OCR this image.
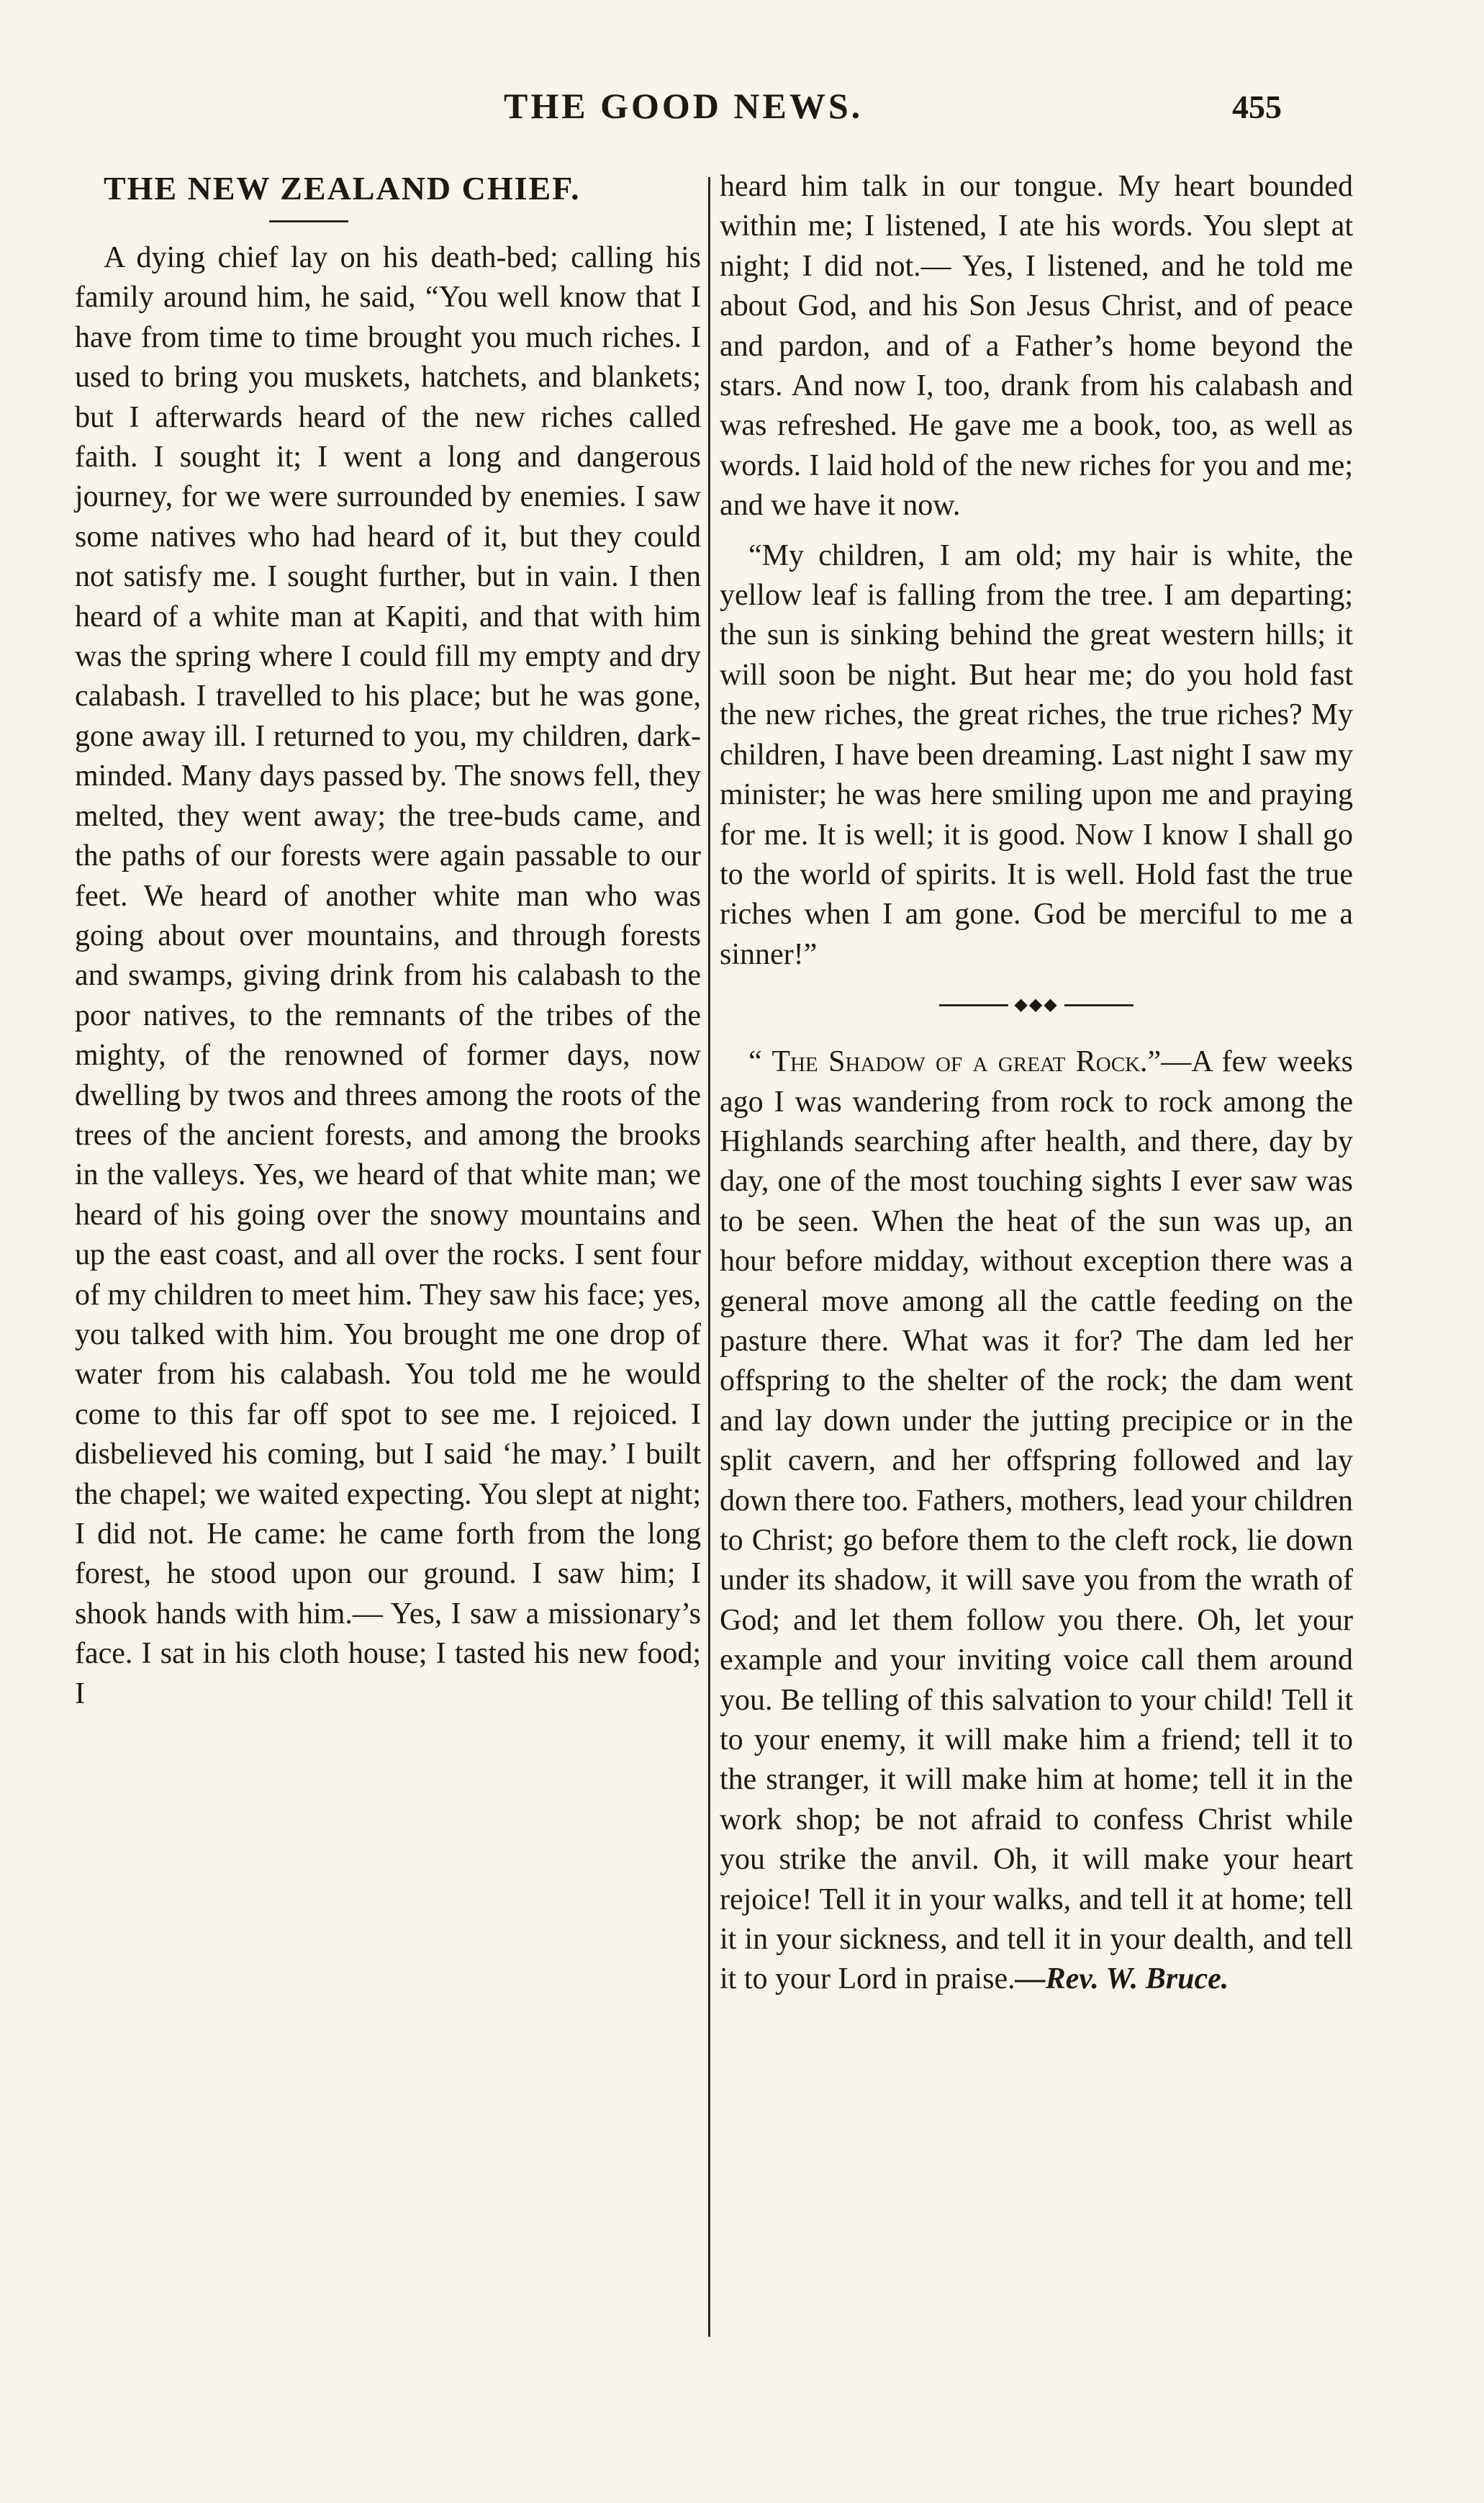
THE GOOD NEWS.	455
THE NEW ZEALAND CHIEF.

A dying chief lay on his death-bed; calling his family around him, he said, “You well know that I have from time to time brought you much riches. I used to bring you muskets, hatchets, and blankets; but I afterwards heard of the new riches called faith. I sought it; I went a long and dangerous journey, for we were surrounded by enemies. I saw some natives who had heard of it, but they could not satisfy me. I sought further, but in vain. I then heard of a white man at Kapiti, and that with him was the spring where I could fill my empty and dry calabash. I travelled to his place; but he was gone, gone away ill. I returned to you, my children, dark-minded. Many days passed by. The snows fell, they melted, they went away; the tree-buds came, and the paths of our forests were again passable to our feet. We heard of another white man who was going about over mountains, and through forests and swamps, giving drink from his calabash to the poor natives, to the remnants of the tribes of the mighty, of the renowned of former days, now dwelling by twos and threes among the roots of the trees of the ancient forests, and among the brooks in the valleys. Yes, we heard of that white man; we heard of his going over the snowy mountains and up the east coast, and all over the rocks. I sent four of my children to meet him. They saw his face; yes, you talked with him. You brought me one drop of water from his calabash. You told me he would come to this far off spot to see me. I rejoiced. I disbelieved his coming, but I said ‘he may.’ I built the chapel; we waited expecting. You slept at night; I did not. He came: he came forth from the long forest, he stood upon our ground. I saw him; I shook hands with him.— Yes, I saw a missionary’s face. I sat in his cloth house; I tasted his new food; I

heard him talk in our tongue. My heart bounded within me; I listened, I ate his words. You slept at night; I did not.— Yes, I listened, and he told me about God, and his Son Jesus Christ, and of peace and pardon, and of a Father’s home beyond the stars. And now I, too, drank from his calabash and was refreshed. He gave me a book, too, as well as words. I laid hold of the new riches for you and me; and we have it now.

“My children, I am old; my hair is white, the yellow leaf is falling from the tree. I am departing; the sun is sinking behind the great western hills; it will soon be night. But hear me; do you hold fast the new riches, the great riches, the true riches? My children, I have been dreaming. Last night I saw my minister; he was here smiling upon me and praying for me. It is well; it is good. Now I know I shall go to the world of spirits. It is well. Hold fast the true riches when I am gone. God be merciful to me a sinner!”

◆◆◆

“ The Shadow of a great Rock.”—A few weeks ago I was wandering from rock to rock among the Highlands searching after health, and there, day by day, one of the most touching sights I ever saw was to be seen. When the heat of the sun was up, an hour before midday, without exception there was a general move among all the cattle feeding on the pasture there. What was it for? The dam led her offspring to the shelter of the rock; the dam went and lay down under the jutting precipice or in the split cavern, and her offspring followed and lay down there too. Fathers, mothers, lead your children to Christ; go before them to the cleft rock, lie down under its shadow, it will save you from the wrath of God; and let them follow you there. Oh, let your example and your inviting voice call them around you. Be telling of this salvation to your child! Tell it to your enemy, it will make him a friend; tell it to the stranger, it will make him at home; tell it in the work shop; be not afraid to confess Christ while you strike the anvil. Oh, it will make your heart rejoice! Tell it in your walks, and tell it at home; tell it in your sickness, and tell it in your dealth, and tell it to your Lord in praise.—Rev. W. Bruce.
